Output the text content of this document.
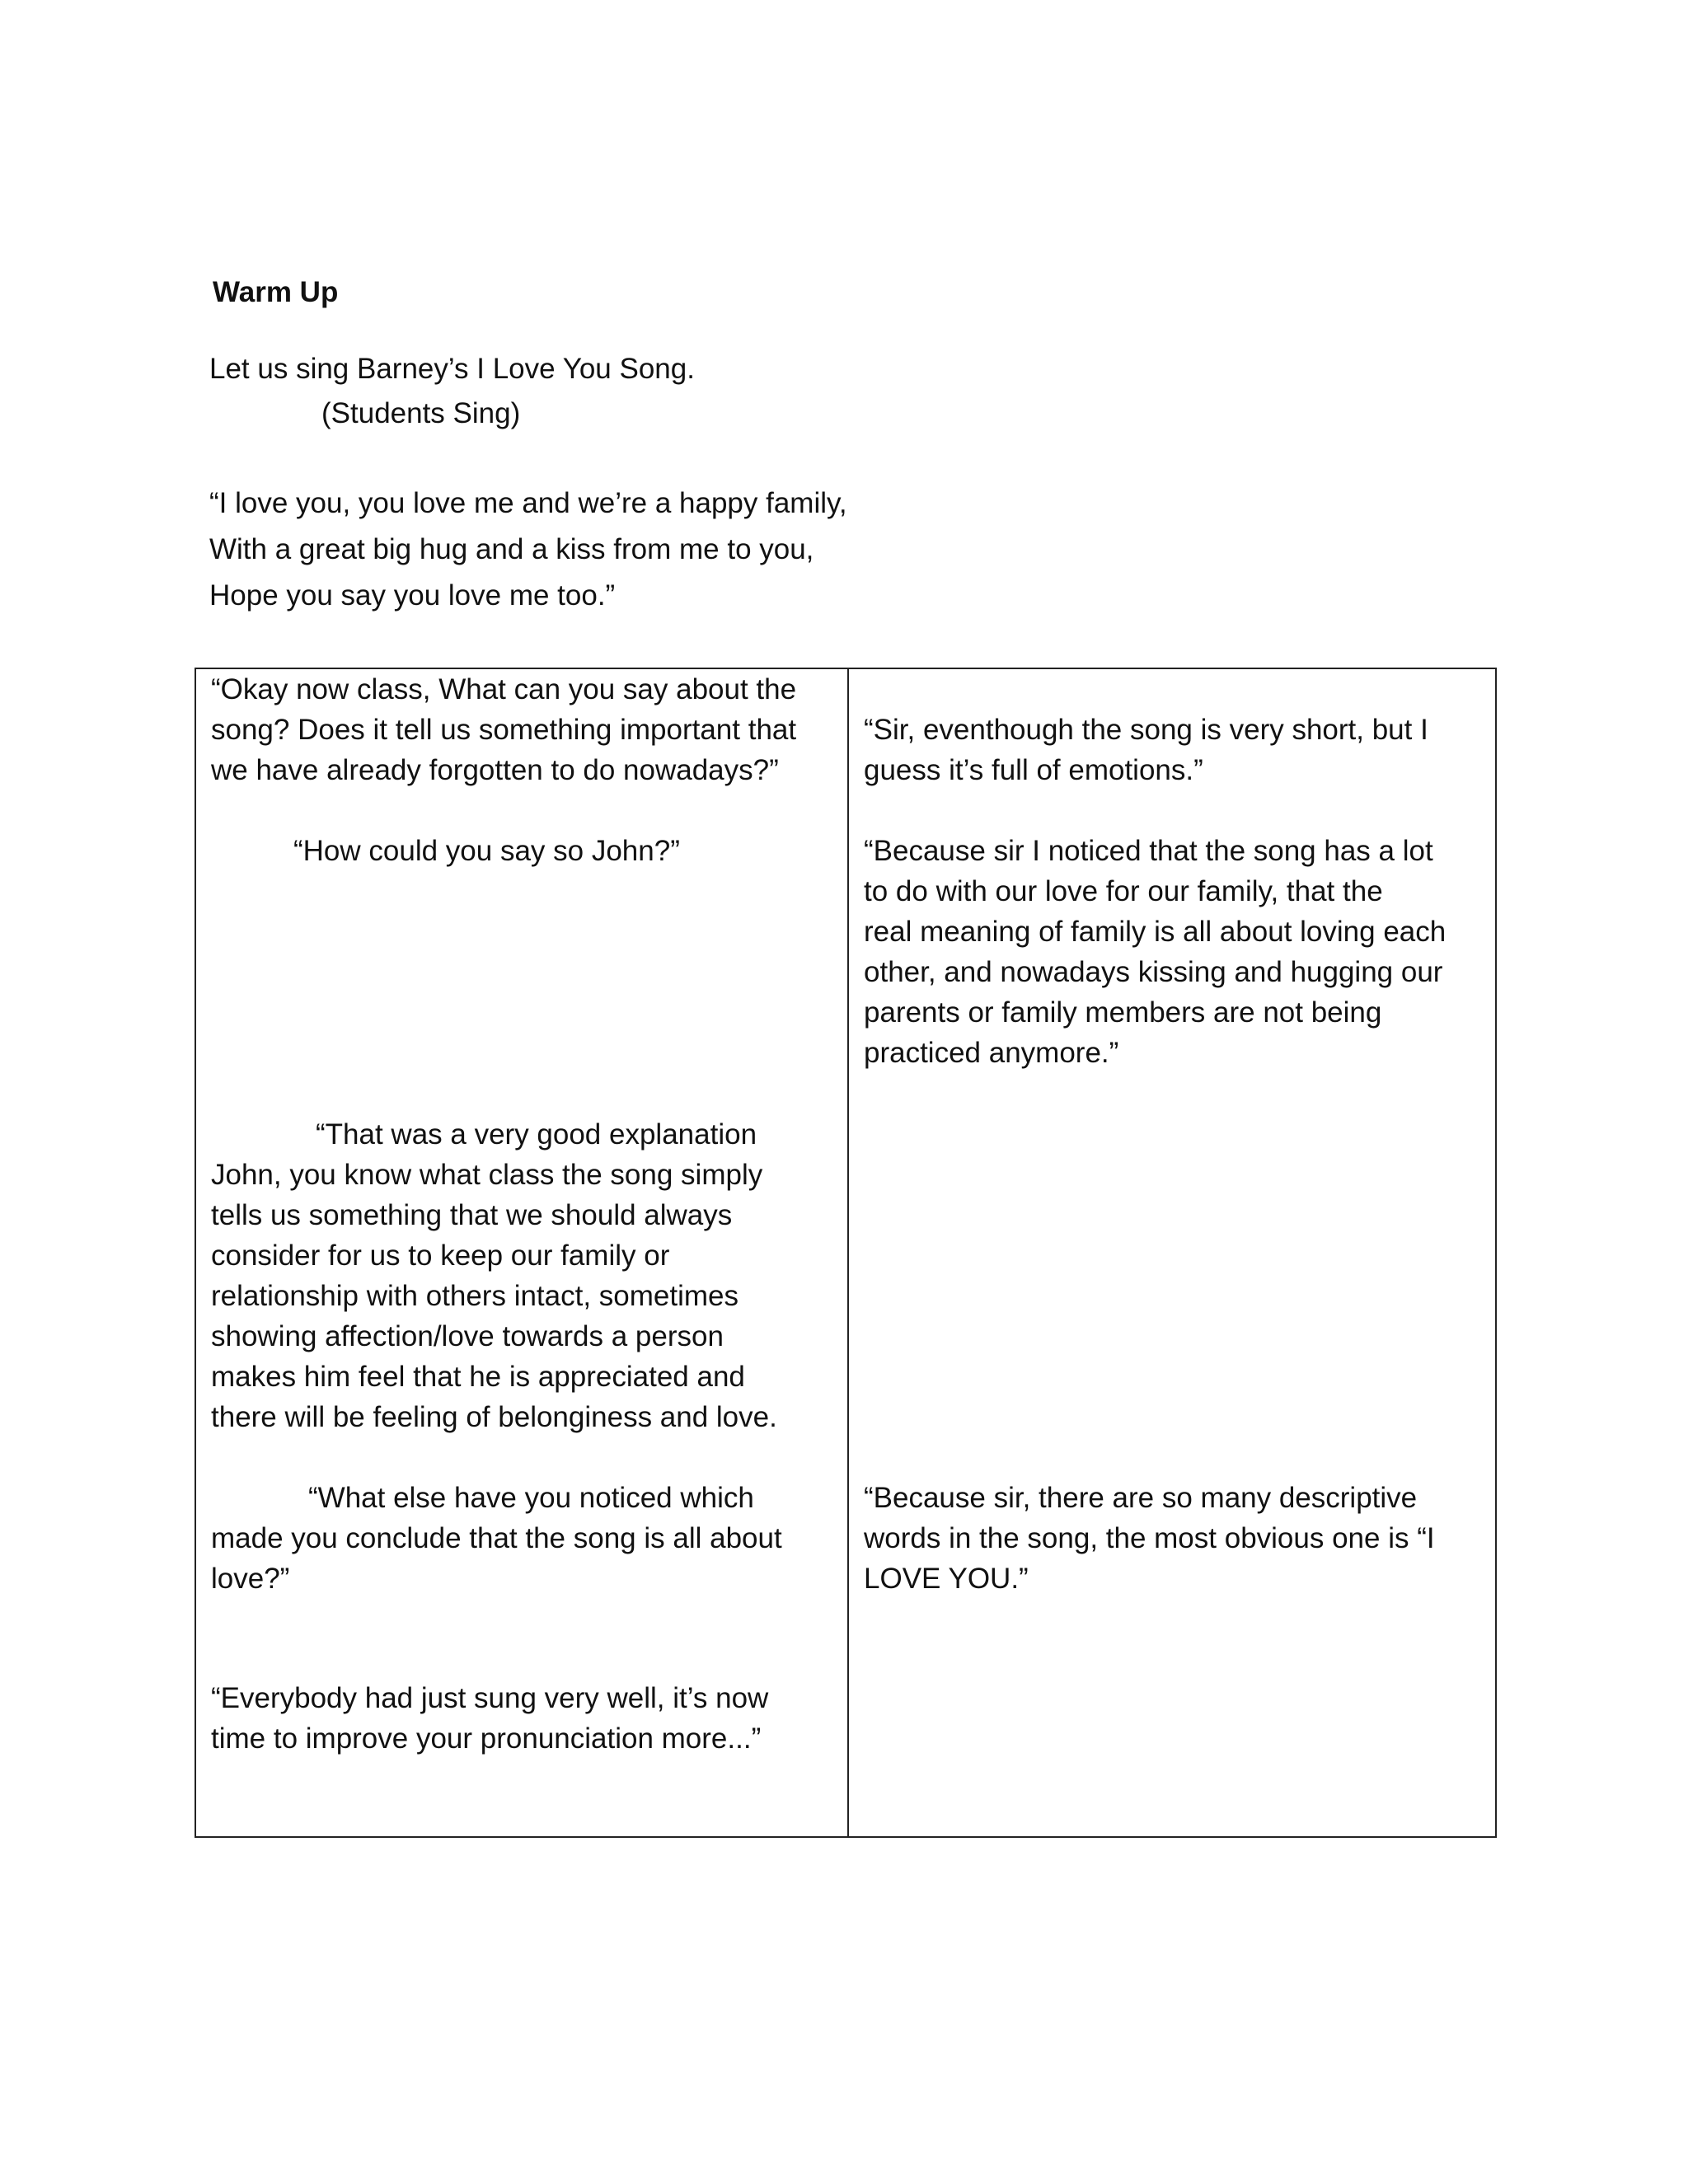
Warm Up

Let us sing Barney’s I Love You Song.

(Students Sing)

“I love you, you love me and we’re a happy family,

With a great big hug and a kiss from me to you,

Hope you say you love me too.”

“Okay now class, What can you say about the
song? Does it tell us something important that
we have already forgotten to do nowadays?”
“How could you say so John?”
“That was a very good explanation
John, you know what class the song simply
tells us something that we should always
consider for us to keep our family or
relationship with others intact, sometimes
showing affection/love towards a person
makes him feel that he is appreciated and
there will be feeling of belonginess and love.
“What else have you noticed which
made you conclude that the song is all about
love?”
“Everybody had just sung very well, it’s now
time to improve your pronunciation more...”
“Sir, eventhough the song is very short, but I
guess it’s full of emotions.”
“Because sir I noticed that the song has a lot
to do with our love for our family, that the
real meaning of family is all about loving each
other, and nowadays kissing and hugging our
parents or family members are not being
practiced anymore.”
“Because sir, there are so many descriptive
words in the song, the most obvious one is “I
LOVE YOU.”
